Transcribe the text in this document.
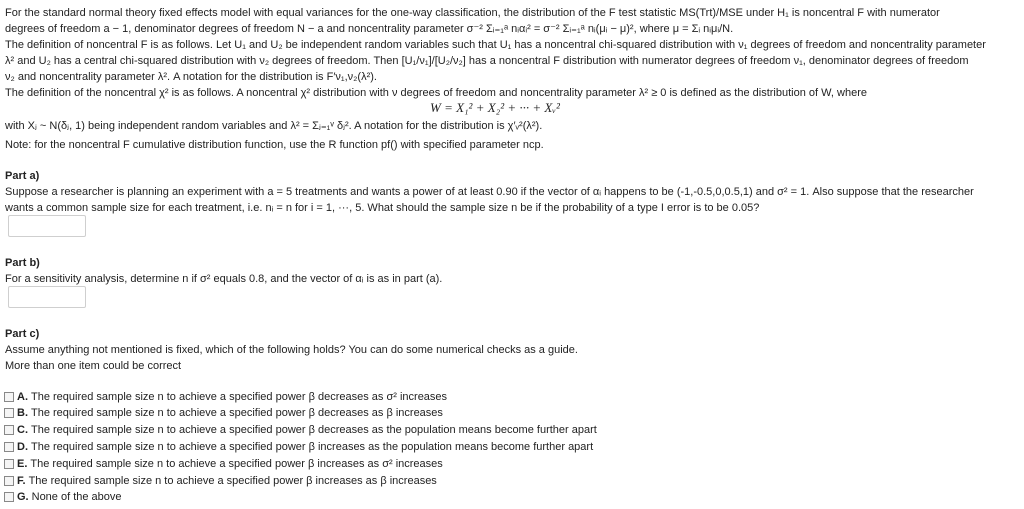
For the standard normal theory fixed effects model with equal variances for the one-way classification, the distribution of the F test statistic MS(Trt)/MSE under H₁ is noncentral F with numerator
degrees of freedom a − 1, denominator degrees of freedom N − a and noncentrality parameter σ⁻² Σᵢ₌₁ᵃ nᵢαᵢ² = σ⁻² Σᵢ₌₁ᵃ nᵢ(μᵢ − μ)², where μ = Σᵢ nᵢμᵢ/N.
The definition of noncentral F is as follows. Let U₁ and U₂ be independent random variables such that U₁ has a noncentral chi-squared distribution with ν₁ degrees of freedom and noncentrality parameter
λ² and U₂ has a central chi-squared distribution with ν₂ degrees of freedom. Then [U₁/ν₁]/[U₂/ν₂] has a noncentral F distribution with numerator degrees of freedom ν₁, denominator degrees of freedom
ν₂ and noncentrality parameter λ². A notation for the distribution is F′ν₁,ν₂(λ²).
The definition of the noncentral χ² is as follows. A noncentral χ² distribution with ν degrees of freedom and noncentrality parameter λ² ≥ 0 is defined as the distribution of W, where
W = X₁² + X₂² + ··· + Xᵥ²
with Xⱼ ~ N(δⱼ, 1) being independent random variables and λ² = Σⱼ₌₁ᵛ δⱼ². A notation for the distribution is χ′ᵥ²(λ²).
Note: for the noncentral F cumulative distribution function, use the R function pf() with specified parameter ncp.
Part a)
Suppose a researcher is planning an experiment with a = 5 treatments and wants a power of at least 0.90 if the vector of αᵢ happens to be (-1,-0.5,0,0.5,1) and σ² = 1. Also suppose that the researcher
wants a common sample size for each treatment, i.e. nᵢ = n for i = 1, ···, 5. What should the sample size n be if the probability of a type I error is to be 0.05?
Part b)
For a sensitivity analysis, determine n if σ² equals 0.8, and the vector of αᵢ is as in part (a).
Part c)
Assume anything not mentioned is fixed, which of the following holds? You can do some numerical checks as a guide.
More than one item could be correct
A. The required sample size n to achieve a specified power β decreases as σ² increases
B. The required sample size n to achieve a specified power β decreases as β increases
C. The required sample size n to achieve a specified power β decreases as the population means become further apart
D. The required sample size n to achieve a specified power β increases as the population means become further apart
E. The required sample size n to achieve a specified power β increases as σ² increases
F. The required sample size n to achieve a specified power β increases as β increases
G. None of the above
